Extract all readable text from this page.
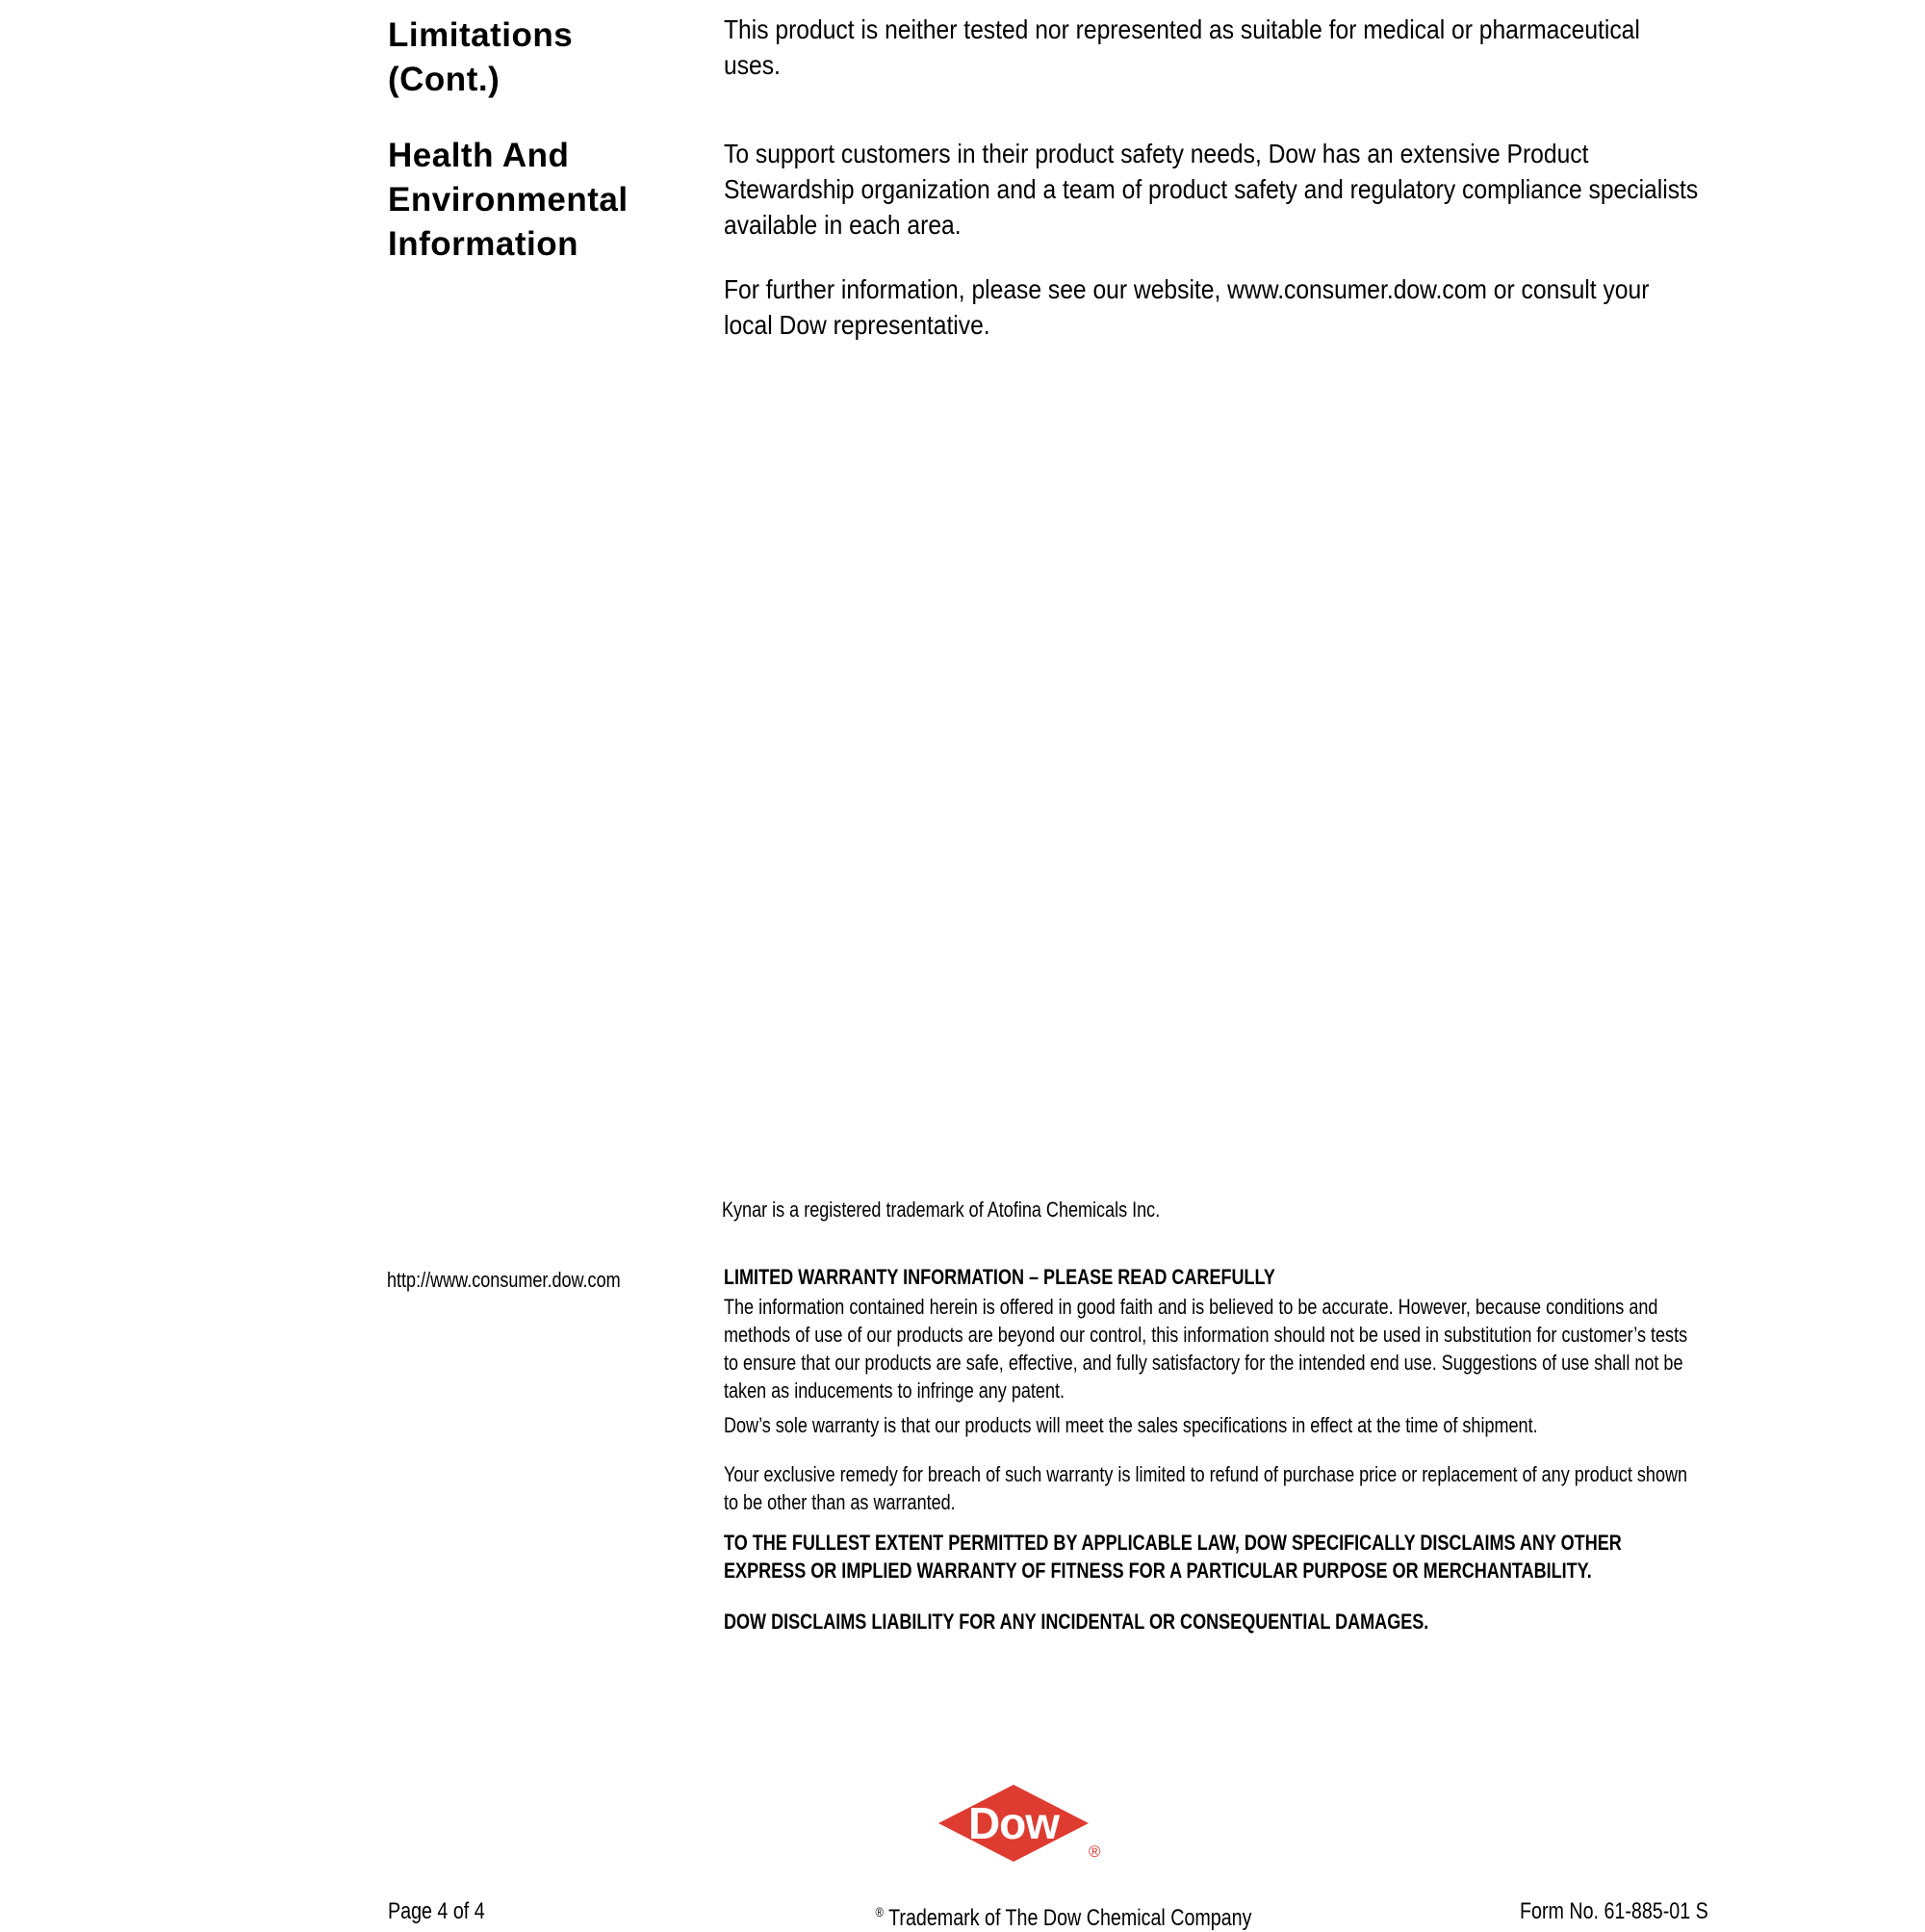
Limitations
(Cont.)
This product is neither tested nor represented as suitable for medical or pharmaceutical
uses.
Health And
Environmental
Information
To support customers in their product safety needs, Dow has an extensive Product
Stewardship organization and a team of product safety and regulatory compliance specialists
available in each area.
For further information, please see our website, www.consumer.dow.com or consult your
local Dow representative.
Kynar is a registered trademark of Atofina Chemicals Inc.
http://www.consumer.dow.com	LIMITED WARRANTY INFORMATION – PLEASE READ CAREFULLY
The information contained herein is offered in good faith and is believed to be accurate. However, because conditions and
methods of use of our products are beyond our control, this information should not be used in substitution for customer’s tests
to ensure that our products are safe, effective, and fully satisfactory for the intended end use. Suggestions of use shall not be
taken as inducements to infringe any patent.
Dow’s sole warranty is that our products will meet the sales specifications in effect at the time of shipment.
Your exclusive remedy for breach of such warranty is limited to refund of purchase price or replacement of any product shown
to be other than as warranted.
TO THE FULLEST EXTENT PERMITTED BY APPLICABLE LAW, DOW SPECIFICALLY DISCLAIMS ANY OTHER
EXPRESS OR IMPLIED WARRANTY OF FITNESS FOR A PARTICULAR PURPOSE OR MERCHANTABILITY.
DOW DISCLAIMS LIABILITY FOR ANY INCIDENTAL OR CONSEQUENTIAL DAMAGES.
Dow
®
Page 4 of 4	® Trademark of The Dow Chemical Company	Form No. 61-885-01 S
